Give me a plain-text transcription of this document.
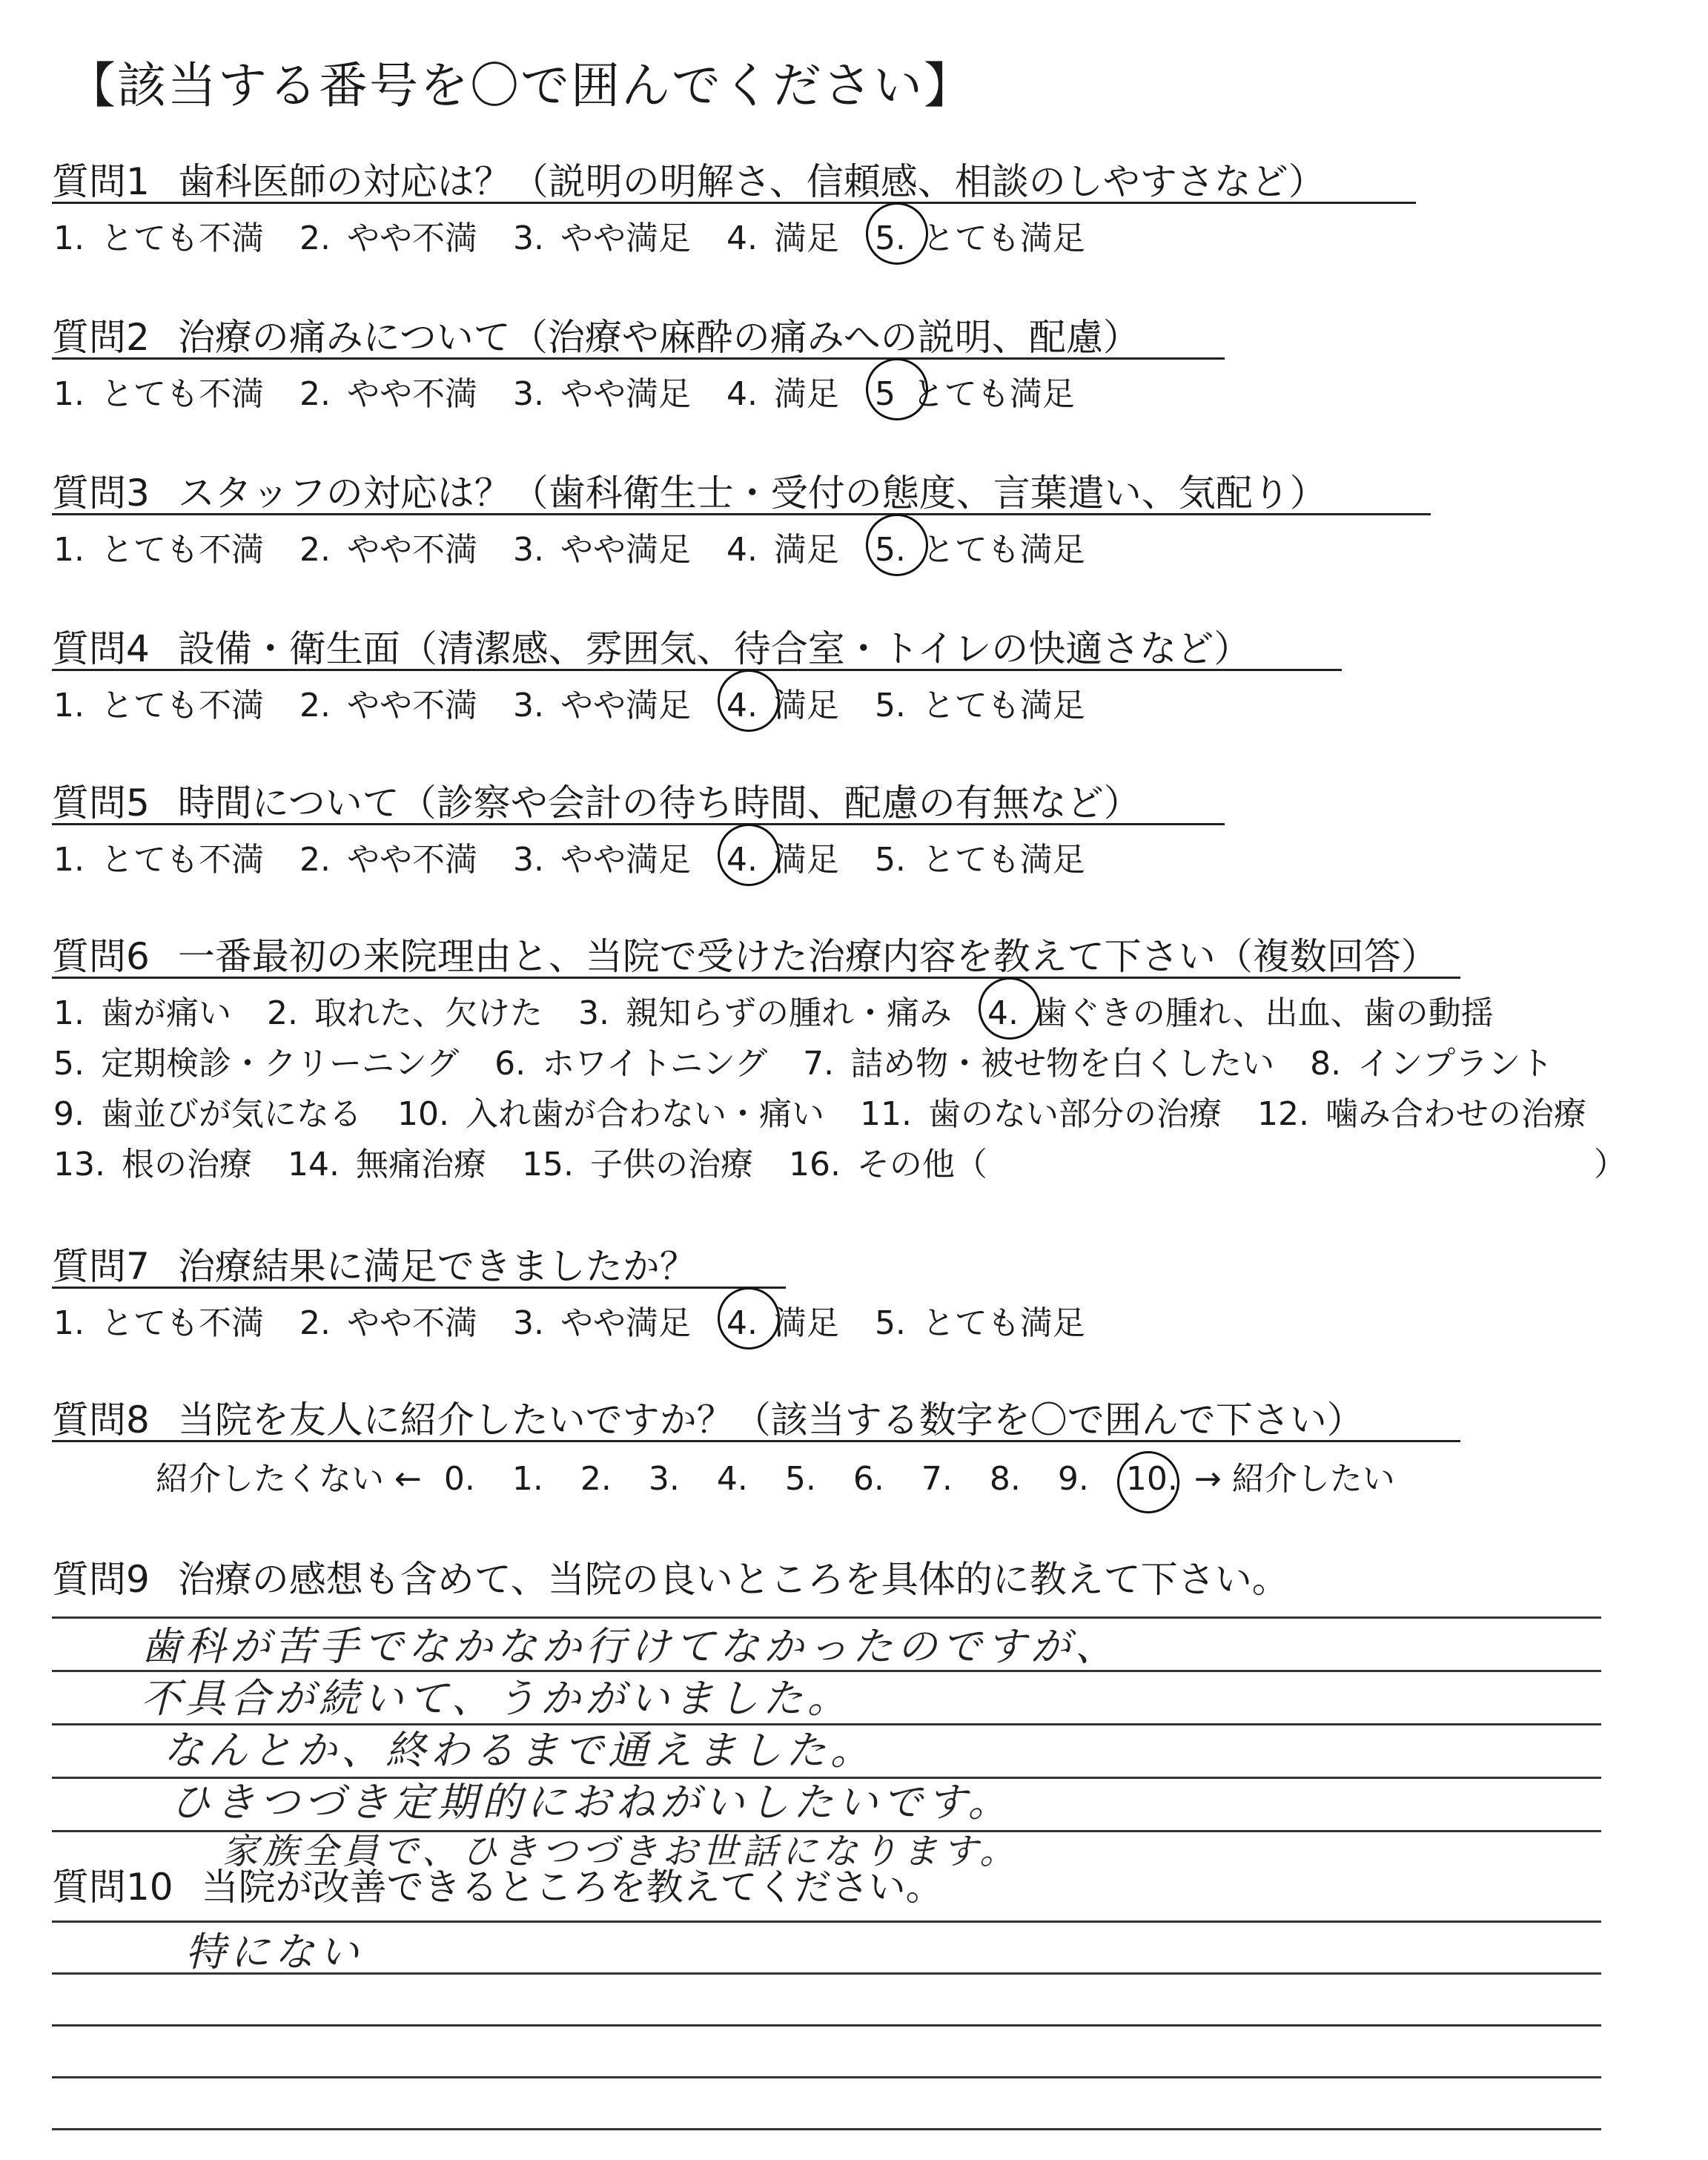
【該当する番号を〇で囲んでください】
質問1 歯科医師の対応は？（説明の明解さ、信頼感、相談のしやすさなど）
1. とても不満 2. やや不満 3. やや満足 4. 満足 5. とても満足
質問2 治療の痛みについて（治療や麻酔の痛みへの説明、配慮）
1. とても不満 2. やや不満 3. やや満足 4. 満足 5 とても満足
質問3 スタッフの対応は？（歯科衛生士・受付の態度、言葉遣い、気配り）
1. とても不満 2. やや不満 3. やや満足 4. 満足 5. とても満足
質問4 設備・衛生面（清潔感、雰囲気、待合室・トイレの快適さなど）
1. とても不満 2. やや不満 3. やや満足 4. 満足 5. とても満足
質問5 時間について（診察や会計の待ち時間、配慮の有無など）
1. とても不満 2. やや不満 3. やや満足 4. 満足 5. とても満足
質問6 一番最初の来院理由と、当院で受けた治療内容を教えて下さい（複数回答）
1. 歯が痛い 2. 取れた、欠けた 3. 親知らずの腫れ・痛み 4. 歯ぐきの腫れ、出血、歯の動揺
5. 定期検診・クリーニング 6. ホワイトニング 7. 詰め物・被せ物を白くしたい 8. インプラント
9. 歯並びが気になる 10. 入れ歯が合わない・痛い 11. 歯のない部分の治療 12. 噛み合わせの治療
13. 根の治療 14. 無痛治療 15. 子供の治療 16. その他（	）
質問7 治療結果に満足できましたか？
1. とても不満 2. やや不満 3. やや満足 4. 満足 5. とても満足
質問8 当院を友人に紹介したいですか？（該当する数字を〇で囲んで下さい）
紹介したくない ← 0. 1. 2. 3. 4. 5. 6. 7. 8. 9. 10. → 紹介したい
質問9 治療の感想も含めて、当院の良いところを具体的に教えて下さい。
歯科が苦手でなかなか行けてなかったのですが、
不具合が続いて、うかがいました。
なんとか、終わるまで通えました。
ひきつづき定期的におねがいしたいです。
家族全員で、ひきつづきお世話になります。
質問10 当院が改善できるところを教えてください。
特にない
